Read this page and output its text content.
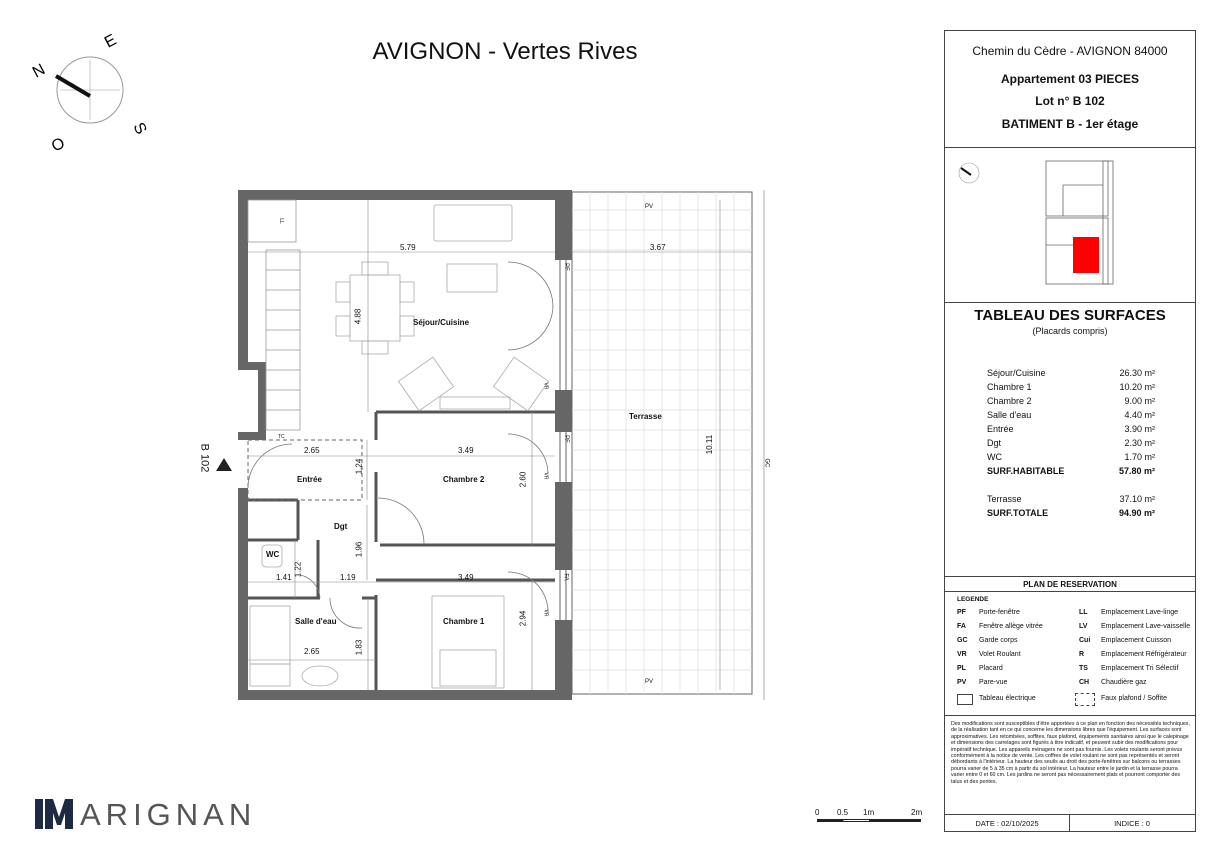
AVIGNON - Vertes Rives
N
E
S
O
B 102
Séjour/Cuisine
Terrasse
Entrée	Chambre 2
Dgt
WC
Chambre 1
Salle d'eau
5.79	3.67
4.88
10.11
2.65
1.24
3.49
2.60
1.96
1.22
1.41	1.19	3.49
2.94
1.83
2.65
PV
PV
GC
PF
PF
FA
LL
TC
VR
VR
VR
ARIGNAN	0 0.5 1m	2m
Chemin du Cèdre - AVIGNON 84000
Appartement 03 PIECES
Lot n° B 102
BATIMENT B - 1er étage
TABLEAU DES SURFACES
(Placards compris)
Séjour/Cuisine	26.30 m²
Chambre 1	10.20 m²
Chambre 2	9.00 m²
Salle d'eau	4.40 m²
Entrée	3.90 m²
Dgt	2.30 m²
WC	1.70 m²
SURF.HABITABLE	57.80 m²
Terrasse	37.10 m²
SURF.TOTALE	94.90 m²
PLAN DE RESERVATION
LEGENDE
PF	Porte-fenêtre
FA	Fenêtre allège vitrée
GC	Garde corps
VR	Volet Roulant
PL	Placard
PV	Pare-vue
LL	Emplacement Lave-linge
LV	Emplacement Lave-vaisselle
Cui	Emplacement Cuisson
R	Emplacement Réfrigérateur
TS	Emplacement Tri Sélectif
CH	Chaudière gaz
Tableau électrique	Faux plafond / Soffite
Des modifications sont susceptibles d'être apportées à ce plan en fonction des nécessités techniques, de la réalisation tant en ce qui concerne les dimensions libres que l'équipement. Les surfaces sont approximatives. Les retombées, soffites, faux plafond, équipements sanitaires ainsi que le calepinage et dimensions des carrelages sont figurés à titre indicatif, et peuvent subir des modifications pour impératif technique. Les appareils ménagers ne sont pas fournis. Les volets roulants seront prévus conformément à la notice de vente. Les coffres de volet roulant ne sont pas représentés et seront débordants à l'intérieur. La hauteur des seuils au droit des porte-fenêtres sur balcons ou terrasses pourra varier de 5 à 35 cm à partir du sol intérieur. La hauteur entre le jardin et la terrasse pourra varier entre 0 et 60 cm. Les jardins ne seront pas nécessairement plats et pourront comporter des talus et des pentes.
DATE : 02/10/2025	INDICE : 0
